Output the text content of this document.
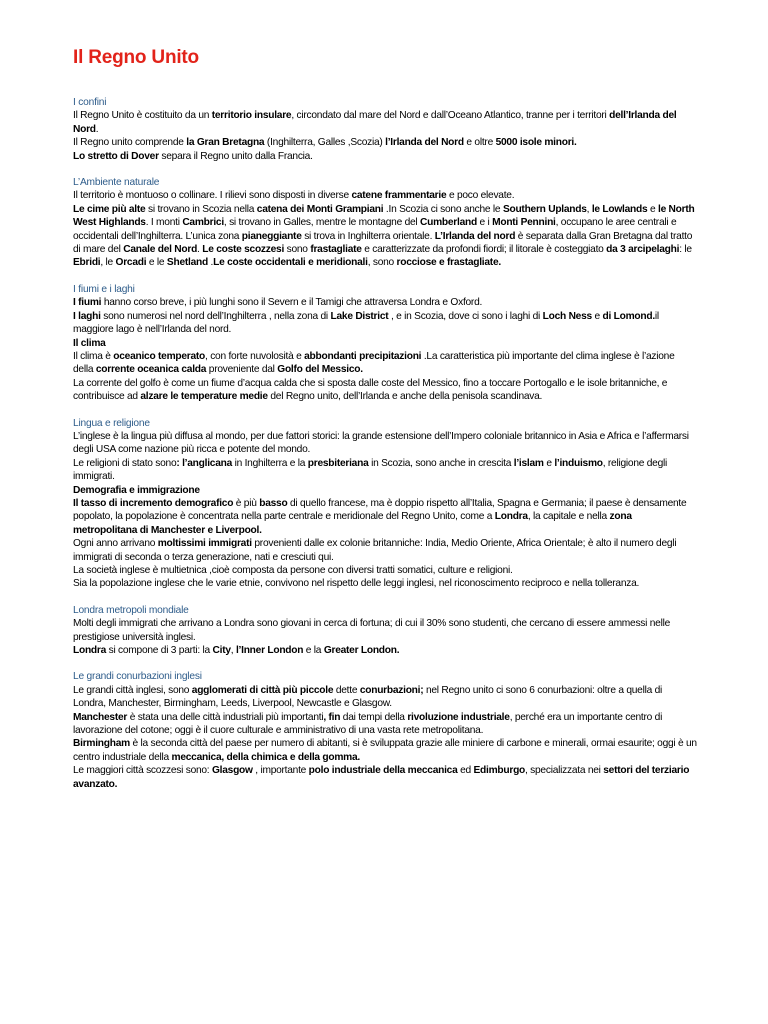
Il Regno Unito
I confini

Il Regno Unito è costituito da un territorio insulare, circondato dal mare del Nord e dall’Oceano Atlantico, tranne per i territori dell’Irlanda del Nord.

Il Regno unito comprende la Gran Bretagna (Inghilterra, Galles ,Scozia) l’Irlanda del Nord e oltre 5000 isole minori.

Lo stretto di Dover separa il Regno unito dalla Francia.

L’Ambiente naturale

Il territorio è montuoso o collinare. I rilievi sono disposti in diverse catene frammentarie e poco elevate.

Le cime più alte si trovano in Scozia nella catena dei Monti Grampiani .In Scozia ci sono anche le Southern Uplands, le Lowlands e le North West Highlands. I monti Cambrici, si trovano in Galles, mentre le montagne del Cumberland e i Monti Pennini, occupano le aree centrali e occidentali dell’Inghilterra. L’unica zona pianeggiante si trova in Inghilterra orientale. L’Irlanda del nord è separata dalla Gran Bretagna dal tratto di mare del Canale del Nord. Le coste scozzesi sono frastagliate e caratterizzate da profondi fiordi; il litorale è costeggiato da 3 arcipelaghi: le Ebridi, le Orcadi e le Shetland .Le coste occidentali e meridionali, sono rocciose e frastagliate.

I fiumi e i laghi

I fiumi hanno corso breve, i più lunghi sono il Severn e il Tamigi che attraversa Londra e Oxford.

I laghi sono numerosi nel nord dell’Inghilterra , nella zona di Lake District , e in Scozia, dove ci sono i laghi di Loch Ness e di Lomond.il maggiore lago è nell’Irlanda del nord.

Il clima

Il clima è oceanico temperato, con forte nuvolosità e abbondanti precipitazioni .La caratteristica più importante del clima inglese è l’azione della corrente oceanica calda proveniente dal Golfo del Messico.

La corrente del golfo è come un fiume d’acqua calda che si sposta dalle coste del Messico, fino a toccare Portogallo e le isole britanniche, e contribuisce ad alzare le temperature medie del Regno unito, dell’Irlanda e anche della penisola scandinava.

Lingua e religione

L’inglese è la lingua più diffusa al mondo, per due fattori storici: la grande estensione dell’Impero coloniale britannico in Asia e Africa e l’affermarsi degli USA come nazione più ricca e potente del mondo.

Le religioni di stato sono: l’anglicana in Inghilterra e la presbiteriana in Scozia, sono anche in crescita l’islam e l’induismo, religione degli immigrati.

Demografia e immigrazione

Il tasso di incremento demografico è più basso di quello francese, ma è doppio rispetto all’Italia, Spagna e Germania; il paese è densamente popolato, la popolazione è concentrata nella parte centrale e meridionale del Regno Unito, come a Londra, la capitale e nella zona metropolitana di Manchester e Liverpool.

Ogni anno arrivano moltissimi immigrati provenienti dalle ex colonie britanniche: India, Medio Oriente, Africa Orientale; è alto il numero degli immigrati di seconda o terza generazione, nati e cresciuti qui.

La società inglese è multietnica ,cioè composta da persone con diversi tratti somatici, culture e religioni.

Sia la popolazione inglese che le varie etnie, convivono nel rispetto delle leggi inglesi, nel riconoscimento reciproco e nella tolleranza.

Londra metropoli mondiale

Molti degli immigrati che arrivano a Londra sono giovani in cerca di fortuna; di cui il 30% sono studenti, che cercano di essere ammessi nelle prestigiose università inglesi.

Londra si compone di 3 parti: la City, l’Inner London e la Greater London.

Le grandi conurbazioni inglesi

Le grandi città inglesi, sono agglomerati di città più piccole dette conurbazioni; nel Regno unito ci sono 6 conurbazioni: oltre a quella di Londra, Manchester, Birmingham, Leeds, Liverpool, Newcastle e Glasgow.

Manchester è stata una delle città industriali più importanti, fin dai tempi della rivoluzione industriale, perché era un importante centro di lavorazione del cotone; oggi è il cuore culturale e amministrativo di una vasta rete metropolitana.

Birmingham è la seconda città del paese per numero di abitanti, si è sviluppata grazie alle miniere di carbone e minerali, ormai esaurite; oggi è un centro industriale della meccanica, della chimica e della gomma.

Le maggiori città scozzesi sono: Glasgow , importante polo industriale della meccanica ed Edimburgo, specializzata nei settori del terziario avanzato.
